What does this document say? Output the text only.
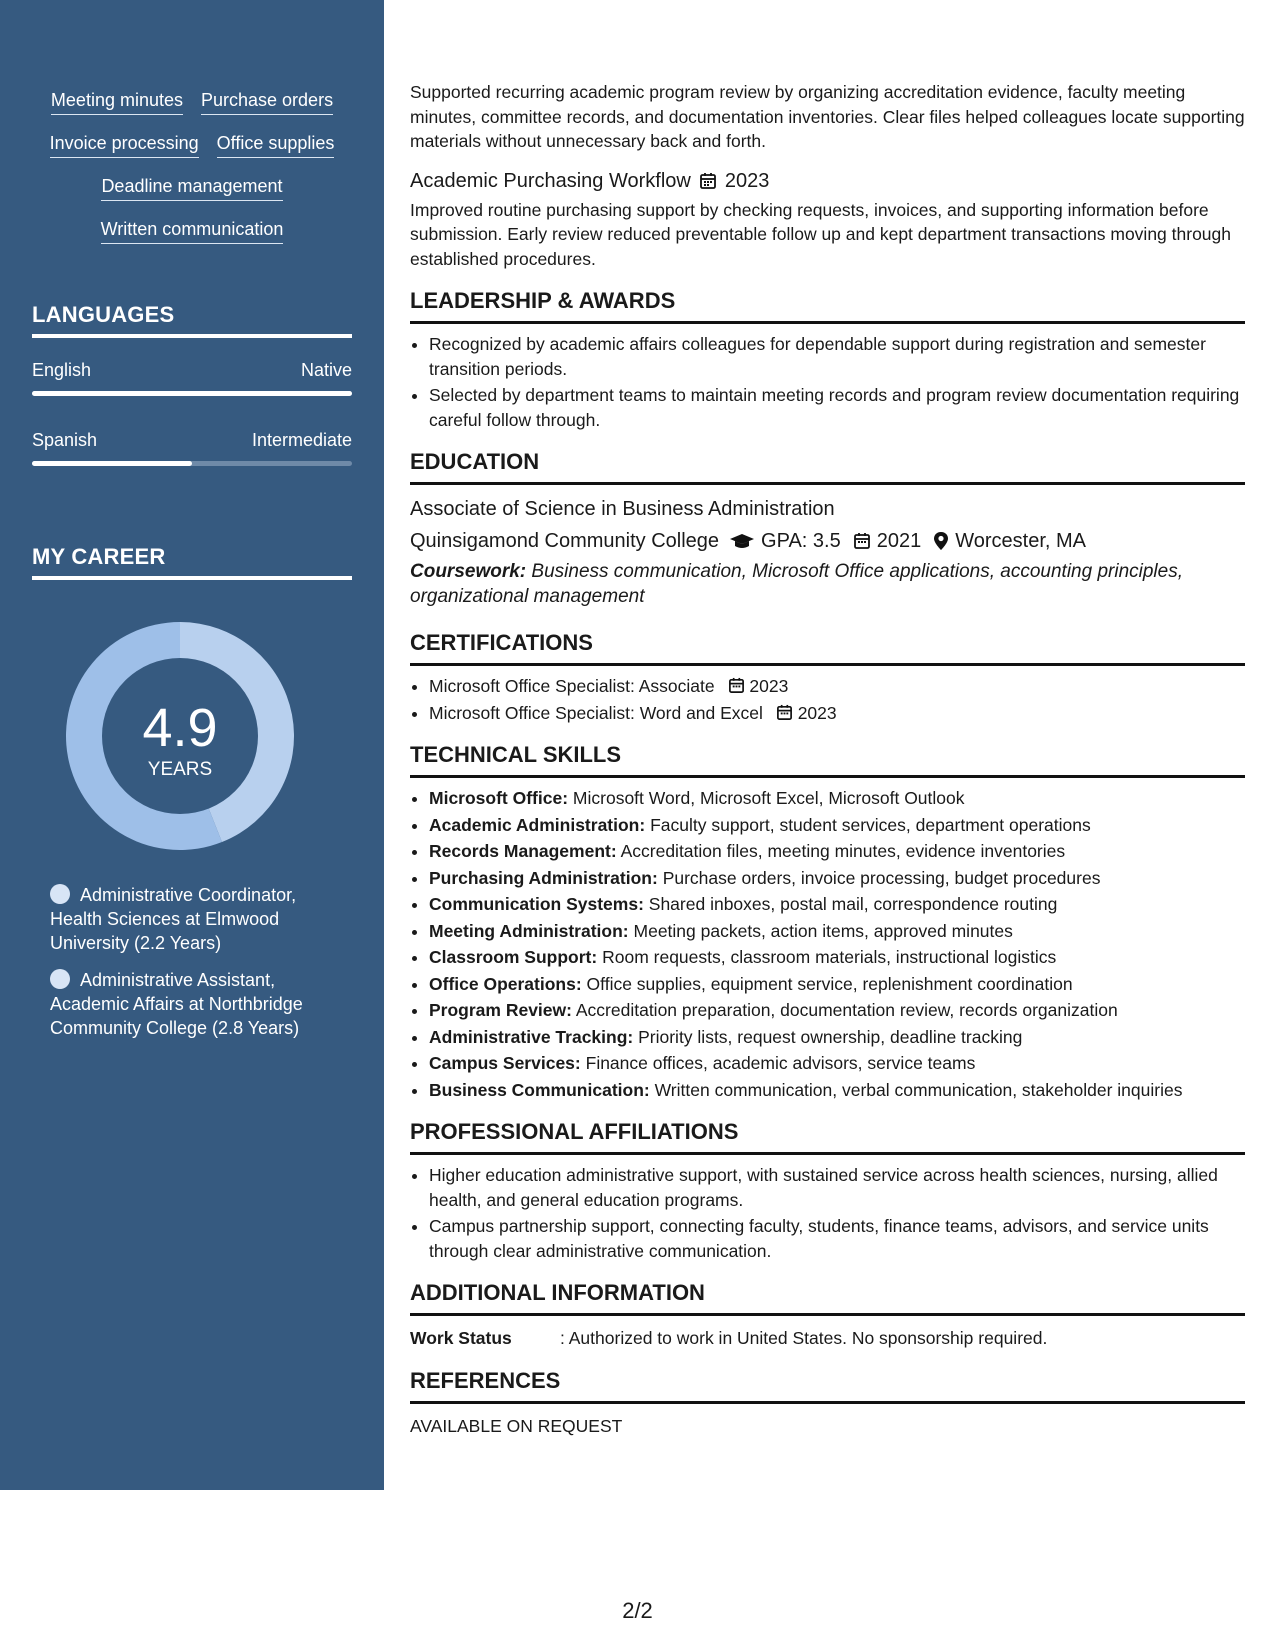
Meeting minutes Purchase orders
Invoice processing Office supplies
Deadline management
Written communication
LANGUAGES
English	Native
Spanish	Intermediate
MY CAREER
4.9
YEARS
Administrative Coordinator, Health Sciences at Elmwood University (2.2 Years)
Administrative Assistant, Academic Affairs at Northbridge Community College (2.8 Years)

Supported recurring academic program review by organizing accreditation evidence, faculty meeting minutes, committee records, and documentation inventories. Clear files helped colleagues locate supporting materials without unnecessary back and forth.

Academic Purchasing Workflow 2023

Improved routine purchasing support by checking requests, invoices, and supporting information before submission. Early review reduced preventable follow up and kept department transactions moving through established procedures.

LEADERSHIP & AWARDS
• Recognized by academic affairs colleagues for dependable support during registration and semester transition periods.
• Selected by department teams to maintain meeting records and program review documentation requiring careful follow through.
EDUCATION
Associate of Science in Business Administration
Quinsigamond Community College GPA: 3.5 2021 Worcester, MA
Coursework: Business communication, Microsoft Office applications, accounting principles, organizational management
CERTIFICATIONS
• Microsoft Office Specialist: Associate 2023
• Microsoft Office Specialist: Word and Excel 2023
TECHNICAL SKILLS
• Microsoft Office: Microsoft Word, Microsoft Excel, Microsoft Outlook
• Academic Administration: Faculty support, student services, department operations
• Records Management: Accreditation files, meeting minutes, evidence inventories
• Purchasing Administration: Purchase orders, invoice processing, budget procedures
• Communication Systems: Shared inboxes, postal mail, correspondence routing
• Meeting Administration: Meeting packets, action items, approved minutes
• Classroom Support: Room requests, classroom materials, instructional logistics
• Office Operations: Office supplies, equipment service, replenishment coordination
• Program Review: Accreditation preparation, documentation review, records organization
• Administrative Tracking: Priority lists, request ownership, deadline tracking
• Campus Services: Finance offices, academic advisors, service teams
• Business Communication: Written communication, verbal communication, stakeholder inquiries
PROFESSIONAL AFFILIATIONS
• Higher education administrative support, with sustained service across health sciences, nursing, allied health, and general education programs.
• Campus partnership support, connecting faculty, students, finance teams, advisors, and service units through clear administrative communication.
ADDITIONAL INFORMATION
Work Status	: Authorized to work in United States. No sponsorship required.
REFERENCES
AVAILABLE ON REQUEST
2/2
